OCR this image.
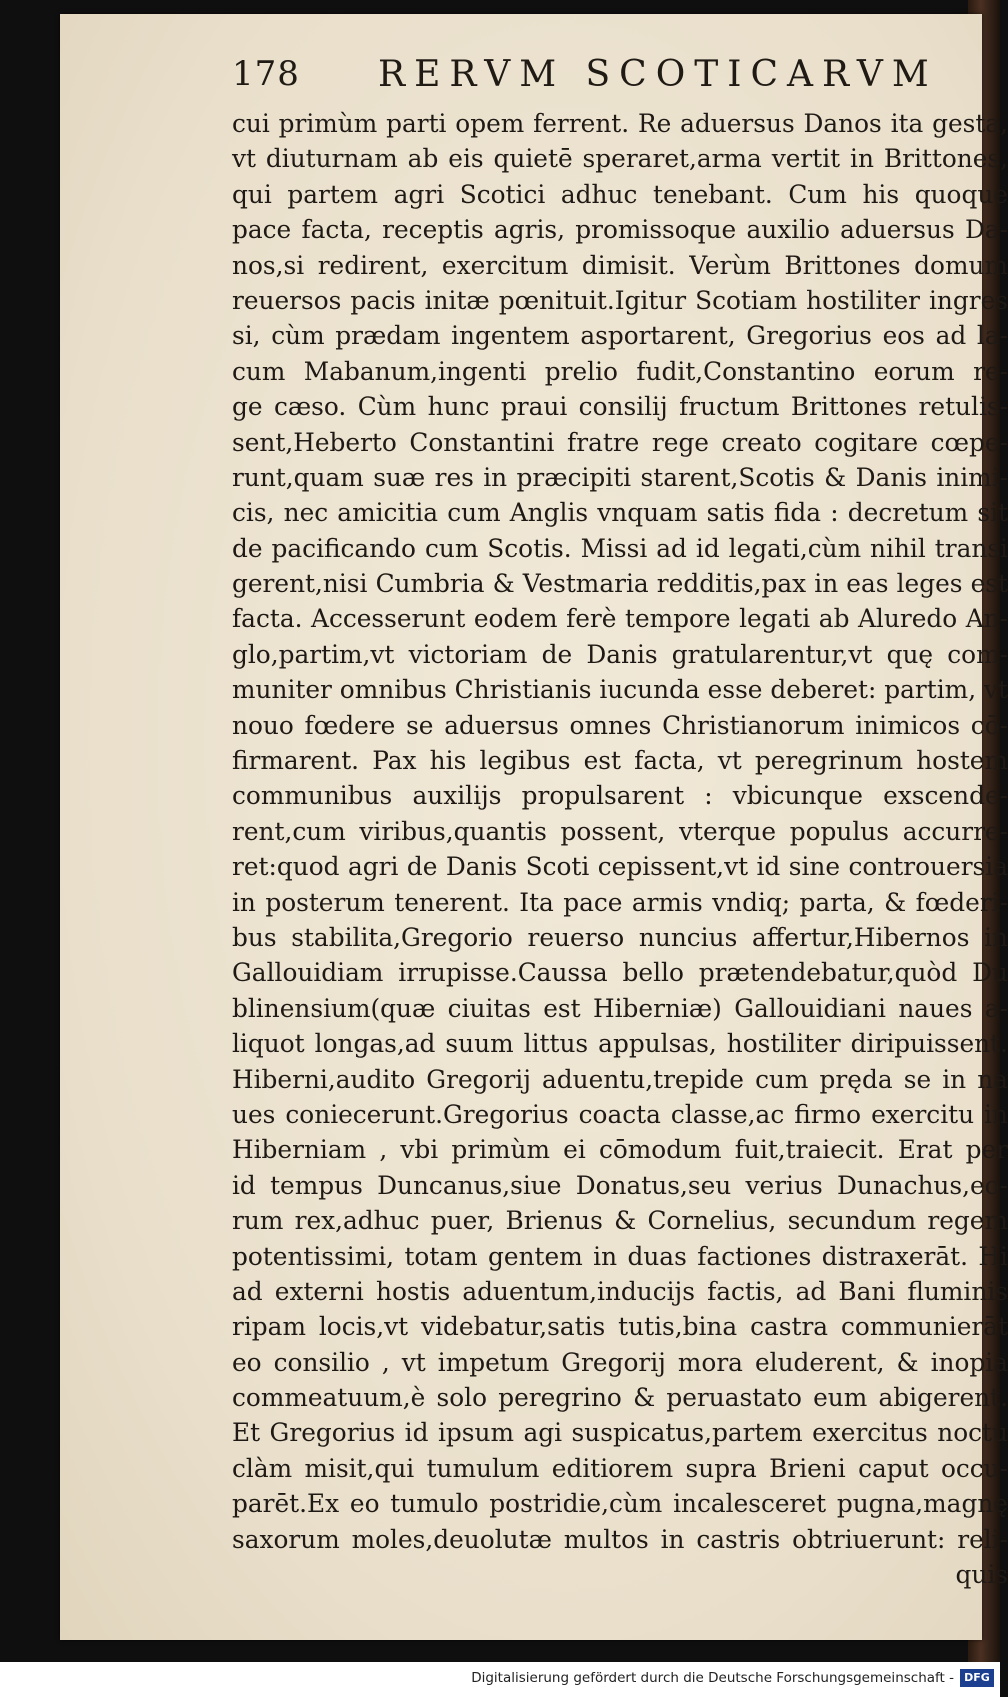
178 RERVM SCOTICARVM
cui primùm parti opem ferrent. Re aduersus Danos ita gesta,
vt diuturnam ab eis quietē speraret,arma vertit in Brittones,
qui partem agri Scotici adhuc tenebant. Cum his quoque
pace facta, receptis agris, promissoque auxilio aduersus Da-
nos,si redirent, exercitum dimisit. Verùm Brittones domum
reuersos pacis initæ pœnituit.Igitur Scotiam hostiliter ingres
si, cùm prædam ingentem asportarent, Gregorius eos ad la-
cum Mabanum,ingenti prelio fudit,Constantino eorum re-
ge cæso. Cùm hunc praui consilij fructum Brittones retulis-
sent,Heberto Constantini fratre rege creato cogitare cœpe-
runt,quam suæ res in præcipiti starent,Scotis & Danis inimi-
cis, nec amicitia cum Anglis vnquam satis fida : decretum sit
de pacificando cum Scotis. Missi ad id legati,cùm nihil transi
gerent,nisi Cumbria & Vestmaria redditis,pax in eas leges est
facta. Accesserunt eodem ferè tempore legati ab Aluredo An-
glo,partim,vt victoriam de Danis gratularentur,vt quę com-
muniter omnibus Christianis iucunda esse deberet: partim, vt
nouo fœdere se aduersus omnes Christianorum inimicos cō-
firmarent. Pax his legibus est facta, vt peregrinum hostem
communibus auxilijs propulsarent : vbicunque exscende-
rent,cum viribus,quantis possent, vterque populus accurre-
ret:quod agri de Danis Scoti cepissent,vt id sine controuersia
in posterum tenerent. Ita pace armis vndiq; parta, & fœderi-
bus stabilita,Gregorio reuerso nuncius affertur,Hibernos in
Gallouidiam irrupisse.Caussa bello prætendebatur,quòd Du
blinensium(quæ ciuitas est Hiberniæ) Gallouidiani naues a-
liquot longas,ad suum littus appulsas, hostiliter diripuissent.
Hiberni,audito Gregorij aduentu,trepide cum pręda se in na
ues coniecerunt.Gregorius coacta classe,ac firmo exercitu in
Hiberniam , vbi primùm ei cōmodum fuit,traiecit. Erat per
id tempus Duncanus,siue Donatus,seu verius Dunachus,eo-
rum rex,adhuc puer, Brienus & Cornelius, secundum regem
potentissimi, totam gentem in duas factiones distraxerāt. Hi
ad externi hostis aduentum,inducijs factis, ad Bani fluminis
ripam locis,vt videbatur,satis tutis,bina castra communierāt
eo consilio , vt impetum Gregorij mora eluderent, & inopia
commeatuum,è solo peregrino & peruastato eum abigerent.
Et Gregorius id ipsum agi suspicatus,partem exercitus noctu
clàm misit,qui tumulum editiorem supra Brieni caput occu-
parēt.Ex eo tumulo postridie,cùm incalesceret pugna,magnę
saxorum moles,deuolutæ multos in castris obtriuerunt: reli-
quis
Digitalisierung gefördert durch die Deutsche Forschungsgemeinschaft - DFG
